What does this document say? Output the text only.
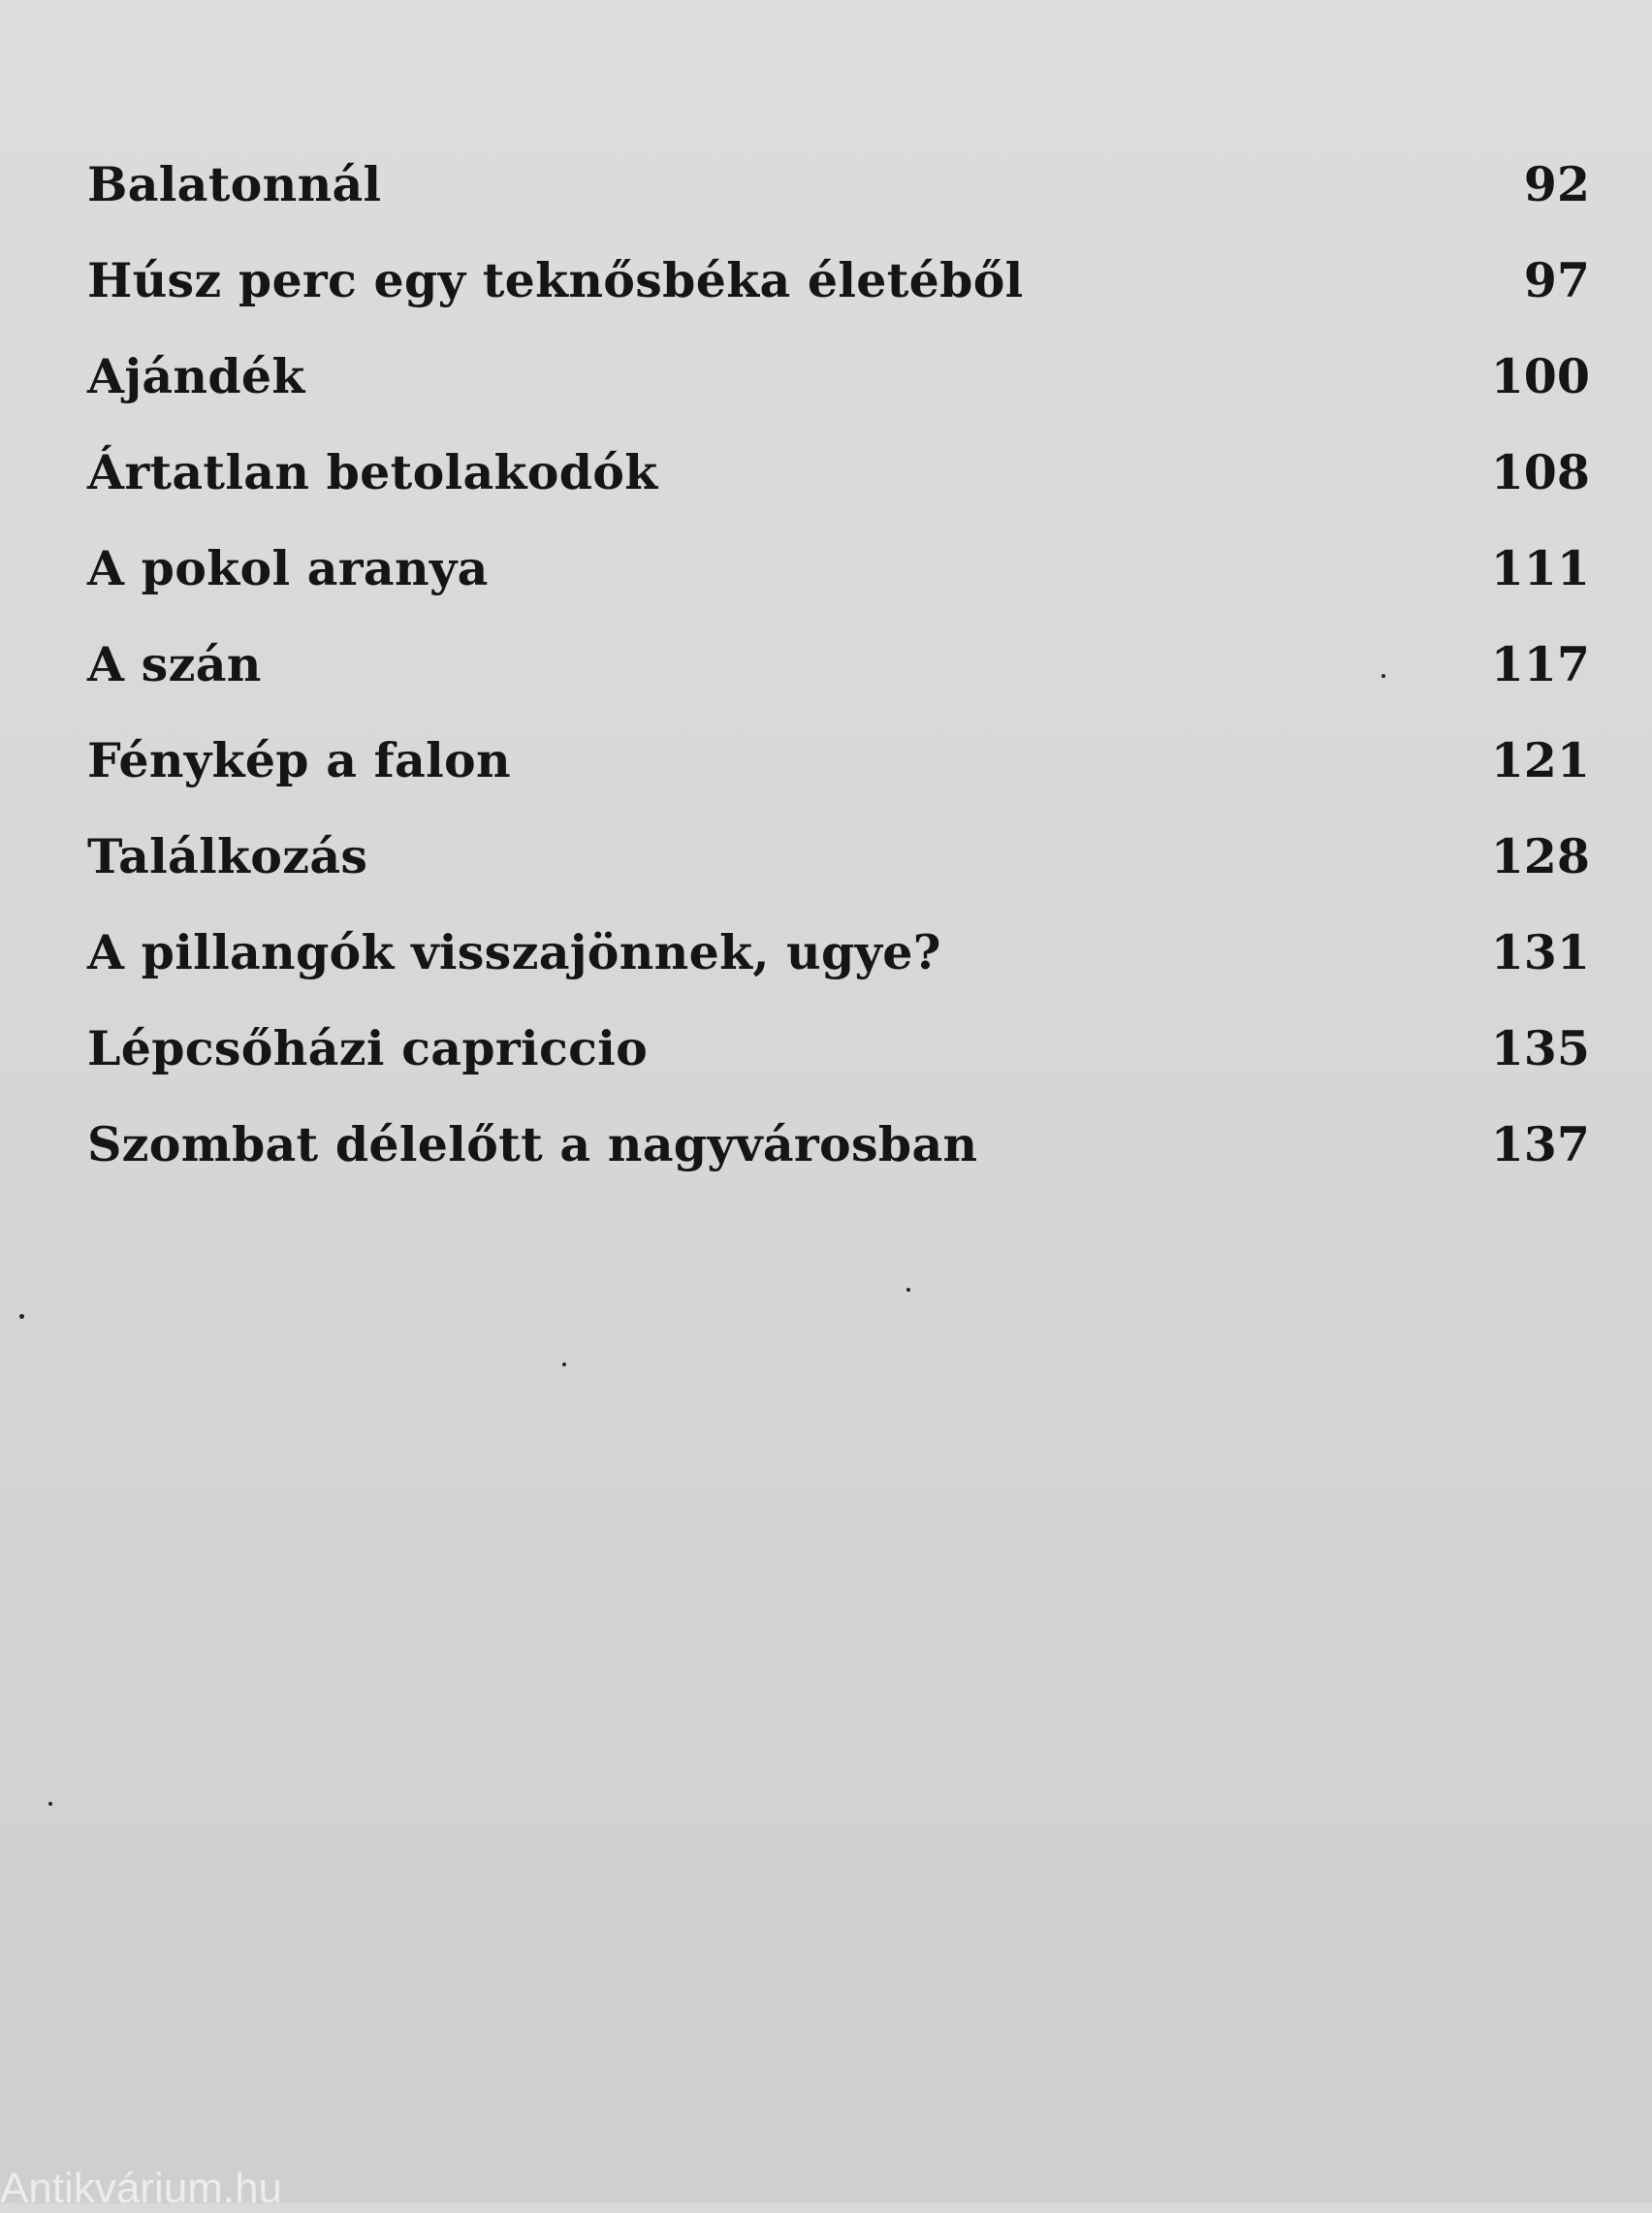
Balatonnál	92
Húsz perc egy teknősbéka életéből	97
Ajándék	100
Ártatlan betolakodók	108
A pokol aranya	111
A szán	117
Fénykép a falon	121
Találkozás	128
A pillangók visszajönnek, ugye?	131
Lépcsőházi capriccio	135
Szombat délelőtt a nagyvárosban	137
Antikvárium.hu
